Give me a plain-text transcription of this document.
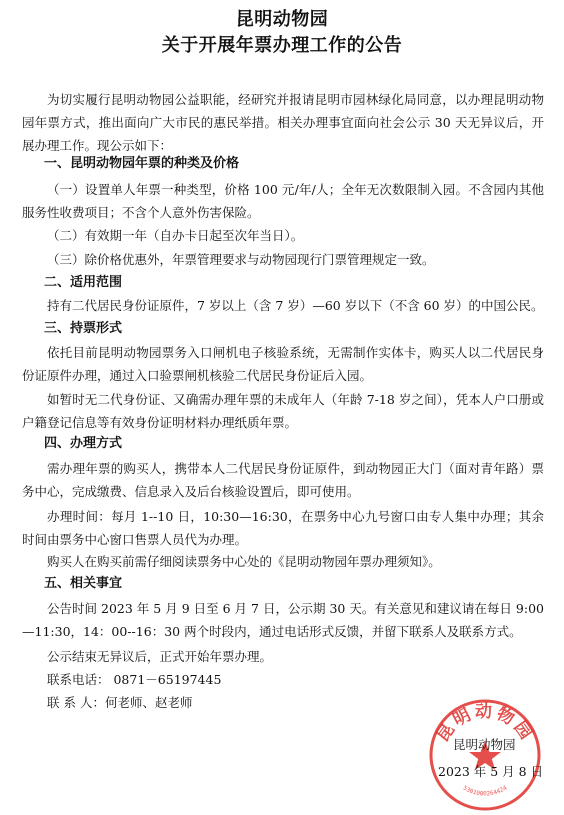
昆明动物园
关于开展年票办理工作的公告
为切实履行昆明动物园公益职能，经研究并报请昆明市园林绿化局同意，以办理昆明动物园年票方式，推出面向广大市民的惠民举措。相关办理事宜面向社会公示 30 天无异议后，开展办理工作。现公示如下：
一、昆明动物园年票的种类及价格
（一）设置单人年票一种类型，价格 100 元/年/人；全年无次数限制入园。不含园内其他服务性收费项目；不含个人意外伤害保险。
（二）有效期一年（自办卡日起至次年当日）。
（三）除价格优惠外，年票管理要求与动物园现行门票管理规定一致。
二、适用范围
持有二代居民身份证原件，7 岁以上（含 7 岁）—60 岁以下（不含 60 岁）的中国公民。
三、持票形式
依托目前昆明动物园票务入口闸机电子核验系统，无需制作实体卡，购买人以二代居民身份证原件办理，通过入口验票闸机核验二代居民身份证后入园。
如暂时无二代身份证、又确需办理年票的未成年人（年龄 7-18 岁之间），凭本人户口册或户籍登记信息等有效身份证明材料办理纸质年票。
四、办理方式
需办理年票的购买人，携带本人二代居民身份证原件，到动物园正大门（面对青年路）票务中心，完成缴费、信息录入及后台核验设置后，即可使用。
办理时间：每月 1--10 日，10:30—16:30，在票务中心九号窗口由专人集中办理；其余时间由票务中心窗口售票人员代为办理。
购买人在购买前需仔细阅读票务中心处的《昆明动物园年票办理须知》。
五、相关事宜
公告时间 2023 年 5 月 9 日至 6 月 7 日，公示期 30 天。有关意见和建议请在每日 9:00—11:30，14：00--16：30 两个时段内，通过电话形式反馈，并留下联系人及联系方式。
公示结束无异议后，正式开始年票办理。
联系电话： 0871－65197445
联 系 人：何老师、赵老师
昆明动物园
5301000264424
昆明动物园
2023 年 5 月 8 日
